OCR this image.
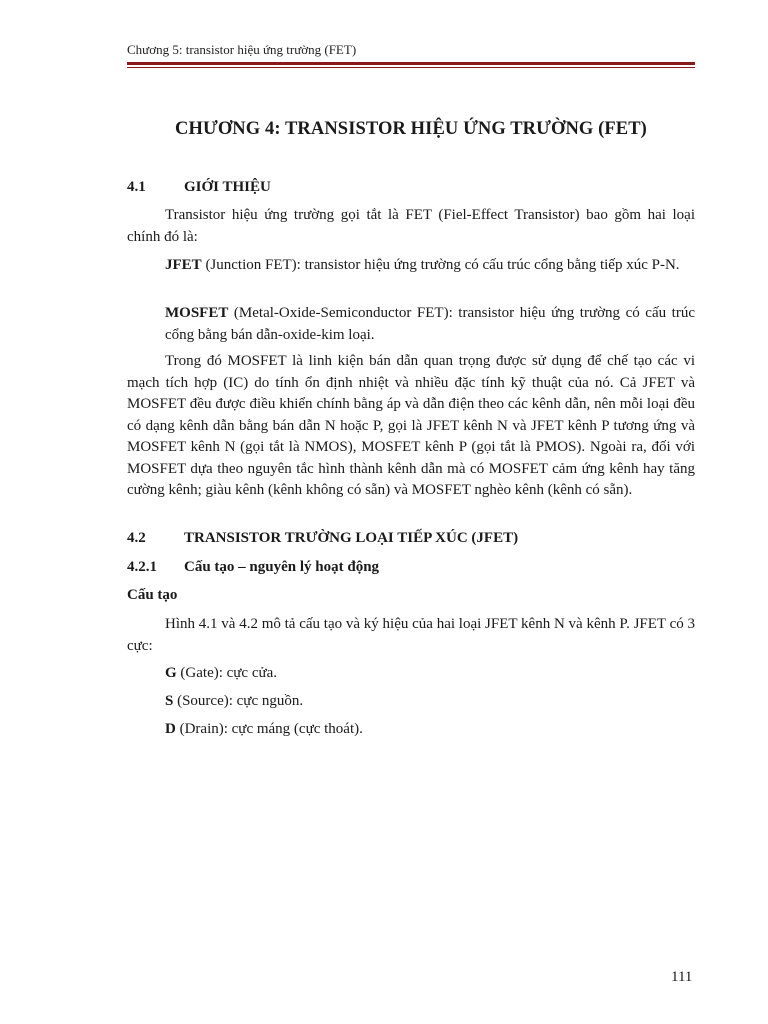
Chương 5: transistor hiệu ứng trường (FET)
CHƯƠNG 4: TRANSISTOR HIỆU ỨNG TRƯỜNG (FET)
4.1	GIỚI THIỆU
Transistor hiệu ứng trường gọi tắt là FET (Fiel-Effect Transistor) bao gồm hai loại chính đó là:
JFET (Junction FET): transistor hiệu ứng trường có cấu trúc cổng bằng tiếp xúc P-N.
MOSFET (Metal-Oxide-Semiconductor FET): transistor hiệu ứng trường có cấu trúc cổng bằng bán dẫn-oxide-kim loại.
Trong đó MOSFET là linh kiện bán dẫn quan trọng được sử dụng để chế tạo các vi mạch tích hợp (IC) do tính ổn định nhiệt và nhiều đặc tính kỹ thuật của nó. Cả JFET và MOSFET đều được điều khiển chính bằng áp và dẫn điện theo các kênh dẫn, nên mỗi loại đều có dạng kênh dẫn bằng bán dẫn N hoặc P, gọi là JFET kênh N và JFET kênh P tương ứng và MOSFET kênh N (gọi tắt là NMOS), MOSFET kênh P (gọi tắt là PMOS). Ngoài ra, đối với MOSFET dựa theo nguyên tắc hình thành kênh dẫn mà có MOSFET cảm ứng kênh hay tăng cường kênh; giàu kênh (kênh không có sẵn) và MOSFET nghèo kênh (kênh có sẵn).
4.2	TRANSISTOR TRƯỜNG LOẠI TIẾP XÚC (JFET)
4.2.1 Cấu tạo – nguyên lý hoạt động
Cấu tạo
Hình 4.1 và 4.2 mô tả cấu tạo và ký hiệu của hai loại JFET kênh N và kênh P. JFET có 3 cực:
G (Gate): cực cửa.
S (Source): cực nguồn.
D (Drain): cực máng (cực thoát).
111
